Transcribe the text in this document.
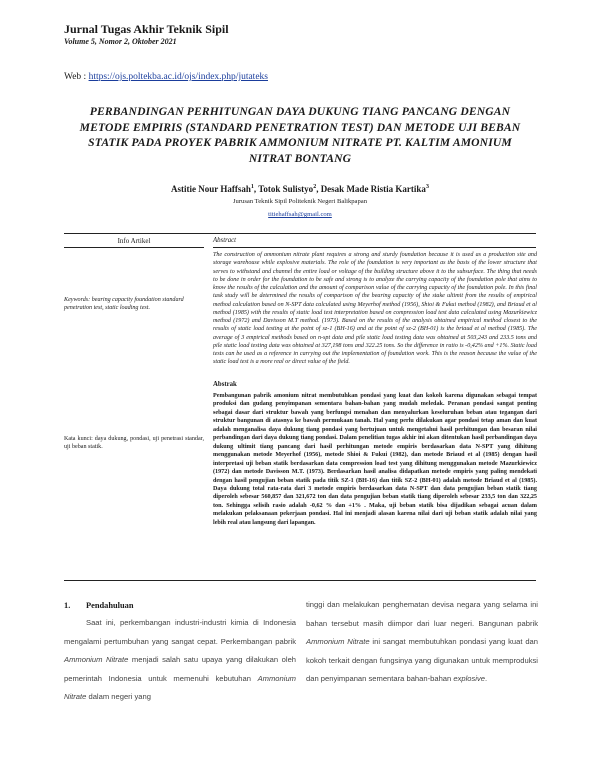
Jurnal Tugas Akhir Teknik Sipil
Volume 5, Nomor 2, Oktober 2021
Web : https://ojs.poltekba.ac.id/ojs/index.php/jutateks
PERBANDINGAN PERHITUNGAN DAYA DUKUNG TIANG PANCANG DENGAN METODE EMPIRIS (STANDARD PENETRATION TEST) DAN METODE UJI BEBAN STATIK PADA PROYEK PABRIK AMMONIUM NITRATE PT. KALTIM AMONIUM NITRAT BONTANG
Astitie Nour Haffsah$^1$, Totok Sulistyo$^2$, Desak Made Ristia Kartika$^3$
Jurusan Teknik Sipil Politeknik Negeri Balikpapan
titiehaffsah@gmail.com
Info Artikel	Abstract
Keywords: bearing capacity foundation standard penetration test, static loading test.
Kata kunci: daya dukung, pondasi, uji penetrasi standar, uji beban statik.
The construction of ammonium nitrate plant requires a strong and sturdy foundation because it is used as a production site and storage warehouse while explosive materials. The role of the foundation is very important as the basis of the lower structure that serves to withstand and channel the entire load or voltage of the building structure above it to the subsurface. The thing that needs to be done in order for the foundation to be safe and strong is to analyze the carrying capacity of the foundation pole that aims to know the results of the calculation and the amount of comparison value of the carrying capacity of the foundation pole. In this final task study will be determined the results of comparison of the bearing capacity of the stake ultimit from the results of empirical method calculation based on N-SPT data calculated using Meyerhof method (1956), Shioi & Fukui method (1982), and Briaud et al method (1985) with the results of static load test interpretation based on compression load test data calculated using Mazurkiewicz method (1972) and Davisson M.T method. (1973). Based on the results of the analysis obtained empirical method closest to the results of static load testing at the point of sz-1 (BH-16) and at the point of sz-2 (BH-01) is the briaud et al method (1985). The average of 3 empirical methods based on n-spt data and pile static load testing data was obtained at 503,243 and 233.5 tons and pile static load testing data was obtained at 327,198 tons and 322.25 tons. So the difference in ratio is -0,42% and +1%. Static load tests can be used as a reference in carrying out the implementation of foundation work. This is the reason because the value of the static load test is a more real or direct value of the field.
Abstrak
Pembangunan pabrik amonium nitrat membutuhkan pondasi yang kuat dan kokoh karena digunakan sebagai tempat produksi dan gudang penyimpanan sementara bahan-bahan yang mudah meledak. Peranan pondasi sangat penting sebagai dasar dari struktur bawah yang berfungsi menahan dan menyalurkan keseluruhan beban atau tegangan dari struktur bangunan di atasnya ke bawah permukaan tanah. Hal yang perlu dilakukan agar pondasi tetap aman dan kuat adalah menganalisa daya dukung tiang pondasi yang bertujuan untuk mengetahui hasil perhitungan dan besaran nilai perbandingan dari daya dukung tiang pondasi. Dalam penelitian tugas akhir ini akan ditentukan hasil perbandingan daya dukung ultimit tiang pancang dari hasil perhitungan metode empiris berdasarkan data N-SPT yang dihitung menggunakan metode Meyerhof (1956), metode Shioi & Fukui (1982), dan metode Briaud et al (1985) dengan hasil interpretasi uji beban statik berdasarkan data compression load test yang dihitung menggunakan metode Mazurkiewicz (1972) dan metode Davisson M.T. (1973). Berdasarkan hasil analisa didapatkan metode empiris yang paling mendekati dengan hasil pengujian beban statik pada titik SZ-1 (BH-16) dan titik SZ-2 (BH-01) adalah metode Briaud et al (1985). Daya dukung total rata-rata dari 3 metode empiris berdasarkan data N-SPT dan data pengujian beban statik tiang diperoleh sebesar 560,857 dan 321,672 ton dan data pengujian beban statik tiang diperoleh sebesar 233,5 ton dan 322,25 ton. Sehingga selisih rasio adalah -0,62 % dan +1% . Maka, uji beban statik bisa dijadikan sebagai acuan dalam melakukan pelaksanaan pekerjaan pondasi. Hal ini menjadi alasan karena nilai dari uji beban statik adalah nilai yang lebih real atau langsung dari lapangan.
1. Pendahuluan
Saat ini, perkembangan industri-industri kimia di Indonesia mengalami pertumbuhan yang sangat cepat. Perkembangan pabrik Ammonium Nitrate menjadi salah satu upaya yang dilakukan oleh pemerintah Indonesia untuk memenuhi kebutuhan Ammonium Nitrate dalam negeri yang
tinggi dan melakukan penghematan devisa negara yang selama ini bahan tersebut masih diimpor dari luar negeri. Bangunan pabrik Ammonium Nitrate ini sangat membutuhkan pondasi yang kuat dan kokoh terkait dengan fungsinya yang digunakan untuk memproduksi dan penyimpanan sementara bahan-bahan explosive.
